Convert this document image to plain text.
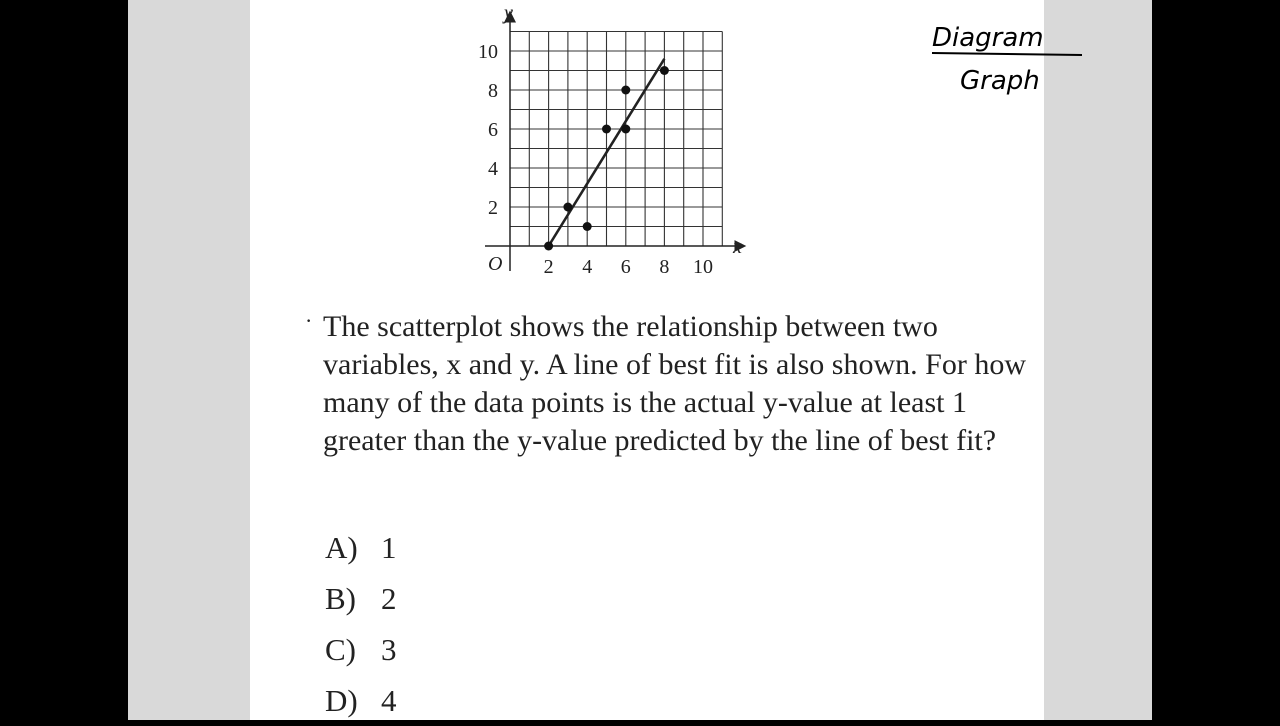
2 4 6 8 10
2
4
6
8
10
x
y
O
· The scatterplot shows the relationship between two variables, x and y. A line of best fit is also shown. For how many of the data points is the actual y-value at least 1 greater than the y-value predicted by the line of best fit?

A) 1
B) 2
C) 3
D) 4
Diagram
Graph
